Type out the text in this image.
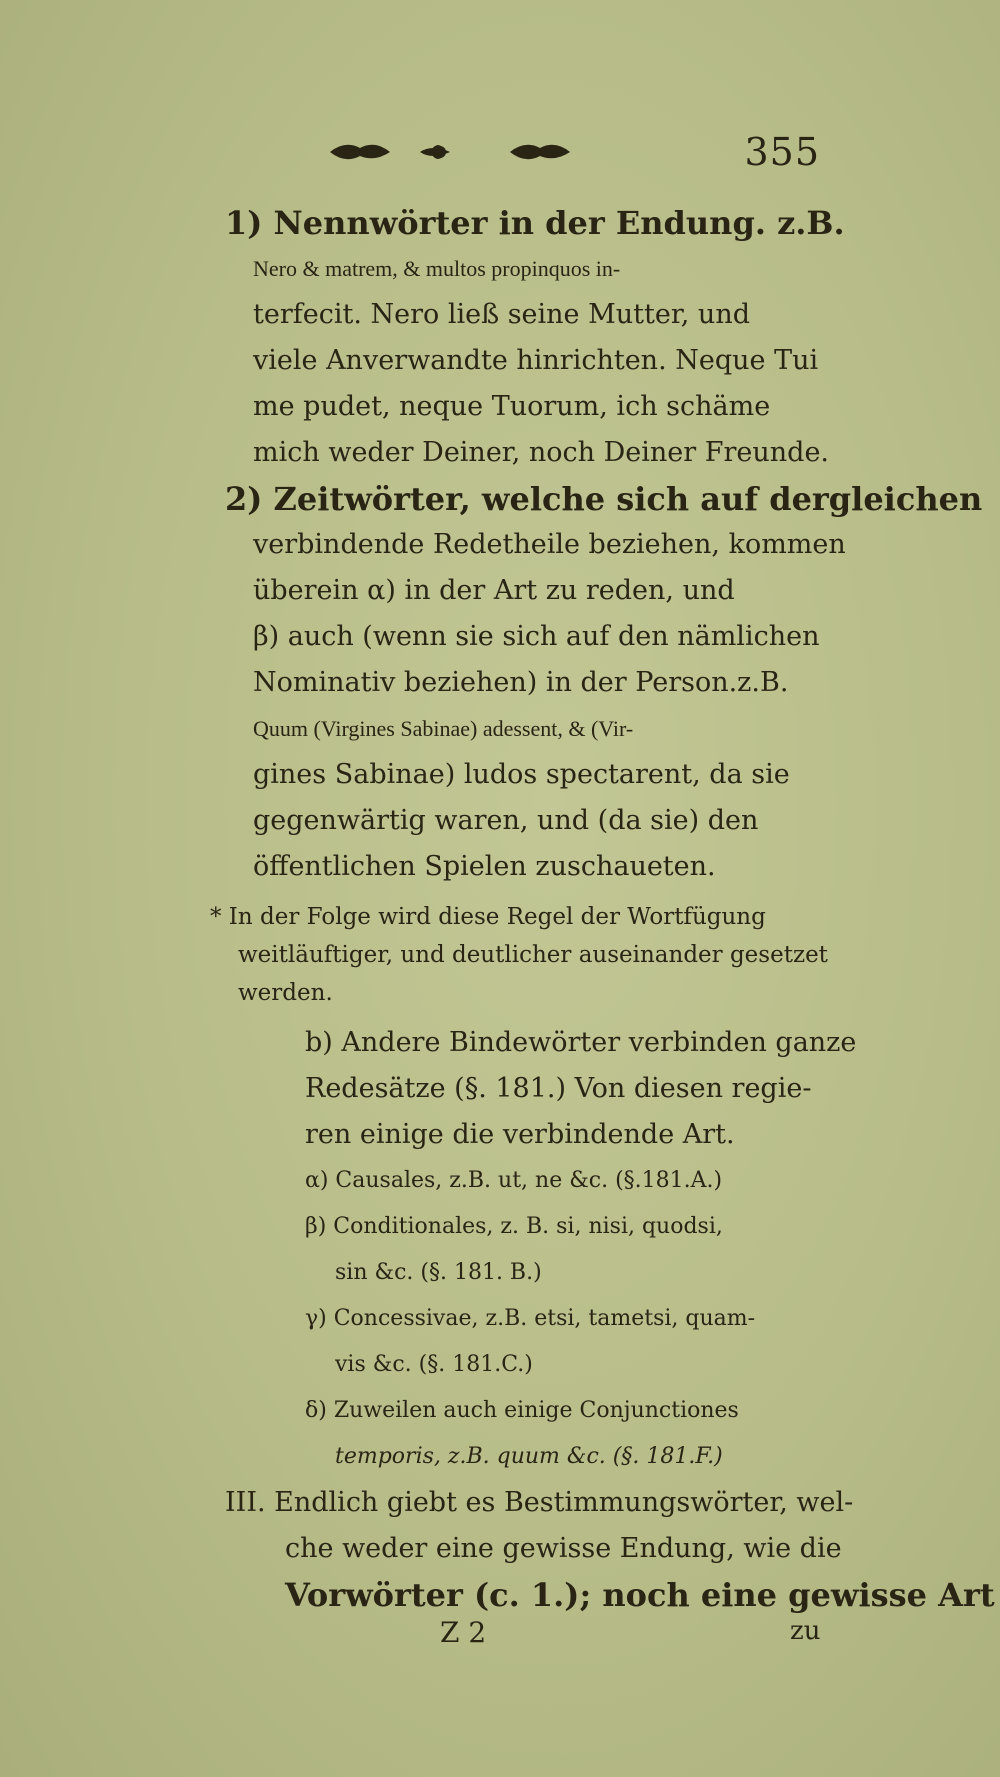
355

1) Nennwörter in der Endung. z.B.

Nero & matrem, & multos propinquos in-

terfecit. Nero ließ seine Mutter, und

viele Anverwandte hinrichten. Neque Tui

me pudet, neque Tuorum, ich schäme

mich weder Deiner, noch Deiner Freunde.

2) Zeitwörter, welche sich auf dergleichen

verbindende Redetheile beziehen, kommen

überein α) in der Art zu reden, und

β) auch (wenn sie sich auf den nämlichen

Nominativ beziehen) in der Person.z.B.

Quum (Virgines Sabinae) adessent, & (Vir-

gines Sabinae) ludos spectarent, da sie

gegenwärtig waren, und (da sie) den

öffentlichen Spielen zuschaueten.

* In der Folge wird diese Regel der Wortfügung

weitläuftiger, und deutlicher auseinander gesetzet

werden.

b) Andere Bindewörter verbinden ganze

Redesätze (§. 181.) Von diesen regie-

ren einige die verbindende Art.

α) Causales, z.B. ut, ne &c. (§.181.A.)

β) Conditionales, z. B. si, nisi, quodsi,

sin &c. (§. 181. B.)

γ) Concessivae, z.B. etsi, tametsi, quam-

vis &c. (§. 181.C.)

δ) Zuweilen auch einige Conjunctiones

temporis, z.B. quum &c. (§. 181.F.)

III. Endlich giebt es Bestimmungswörter, wel-

che weder eine gewisse Endung, wie die

Vorwörter (c. 1.); noch eine gewisse Art

Z 2	zu
